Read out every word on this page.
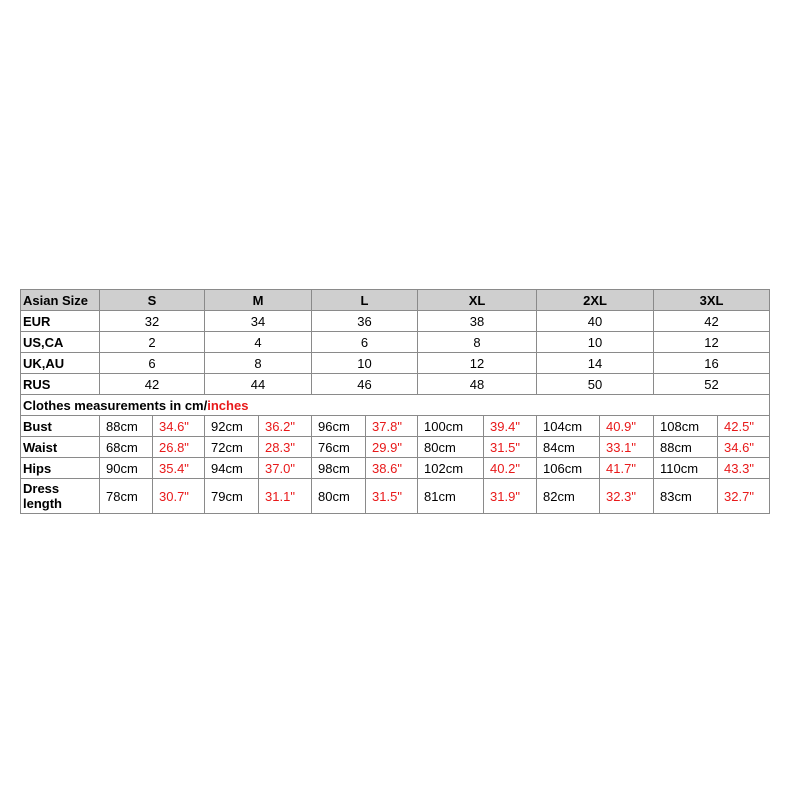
Asian Size	S		M		L		XL		2XL		3XL	
EUR	32		34		36		38		40		42	
US,CA	2		4		6		8		10		12	
UK,AU	6		8		10		12		14		16	
RUS	42		44		46		48		50		52	
Clothes measurements in cm/inches												
Bust	88cm	34.6"	92cm	36.2"	96cm	37.8"	100cm	39.4"	104cm	40.9"	108cm	42.5"
Waist	68cm	26.8"	72cm	28.3"	76cm	29.9"	80cm	31.5"	84cm	33.1"	88cm	34.6"
Hips	90cm	35.4"	94cm	37.0"	98cm	38.6"	102cm	40.2"	106cm	41.7"	110cm	43.3"
Dress length	78cm	30.7"	79cm	31.1"	80cm	31.5"	81cm	31.9"	82cm	32.3"	83cm	32.7"
